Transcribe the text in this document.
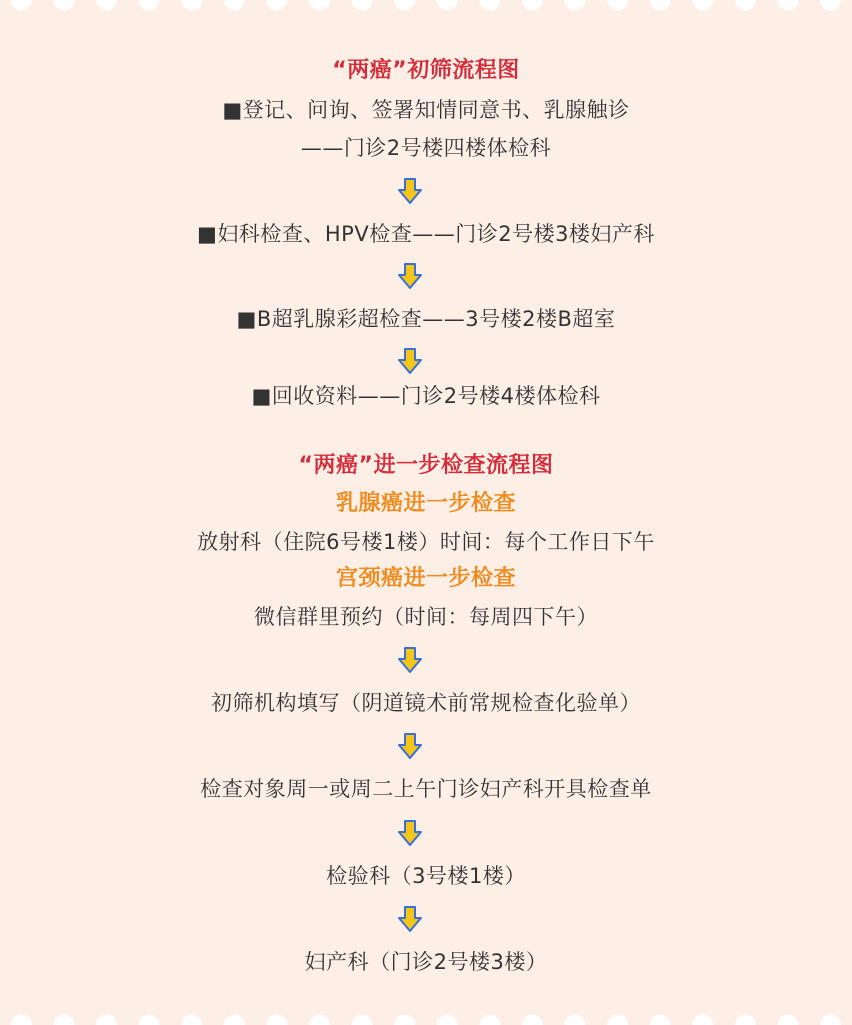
“两癌”初筛流程图
■登记、问询、签署知情同意书、乳腺触诊
——门诊2号楼四楼体检科
■妇科检查、HPV检查——门诊2号楼3楼妇产科
■B超乳腺彩超检查——3号楼2楼B超室
■回收资料——门诊2号楼4楼体检科
“两癌”进一步检查流程图
乳腺癌进一步检查
放射科（住院6号楼1楼）时间：每个工作日下午
宫颈癌进一步检查
微信群里预约（时间：每周四下午）
初筛机构填写（阴道镜术前常规检查化验单）
检查对象周一或周二上午门诊妇产科开具检查单
检验科（3号楼1楼）
妇产科（门诊2号楼3楼）
